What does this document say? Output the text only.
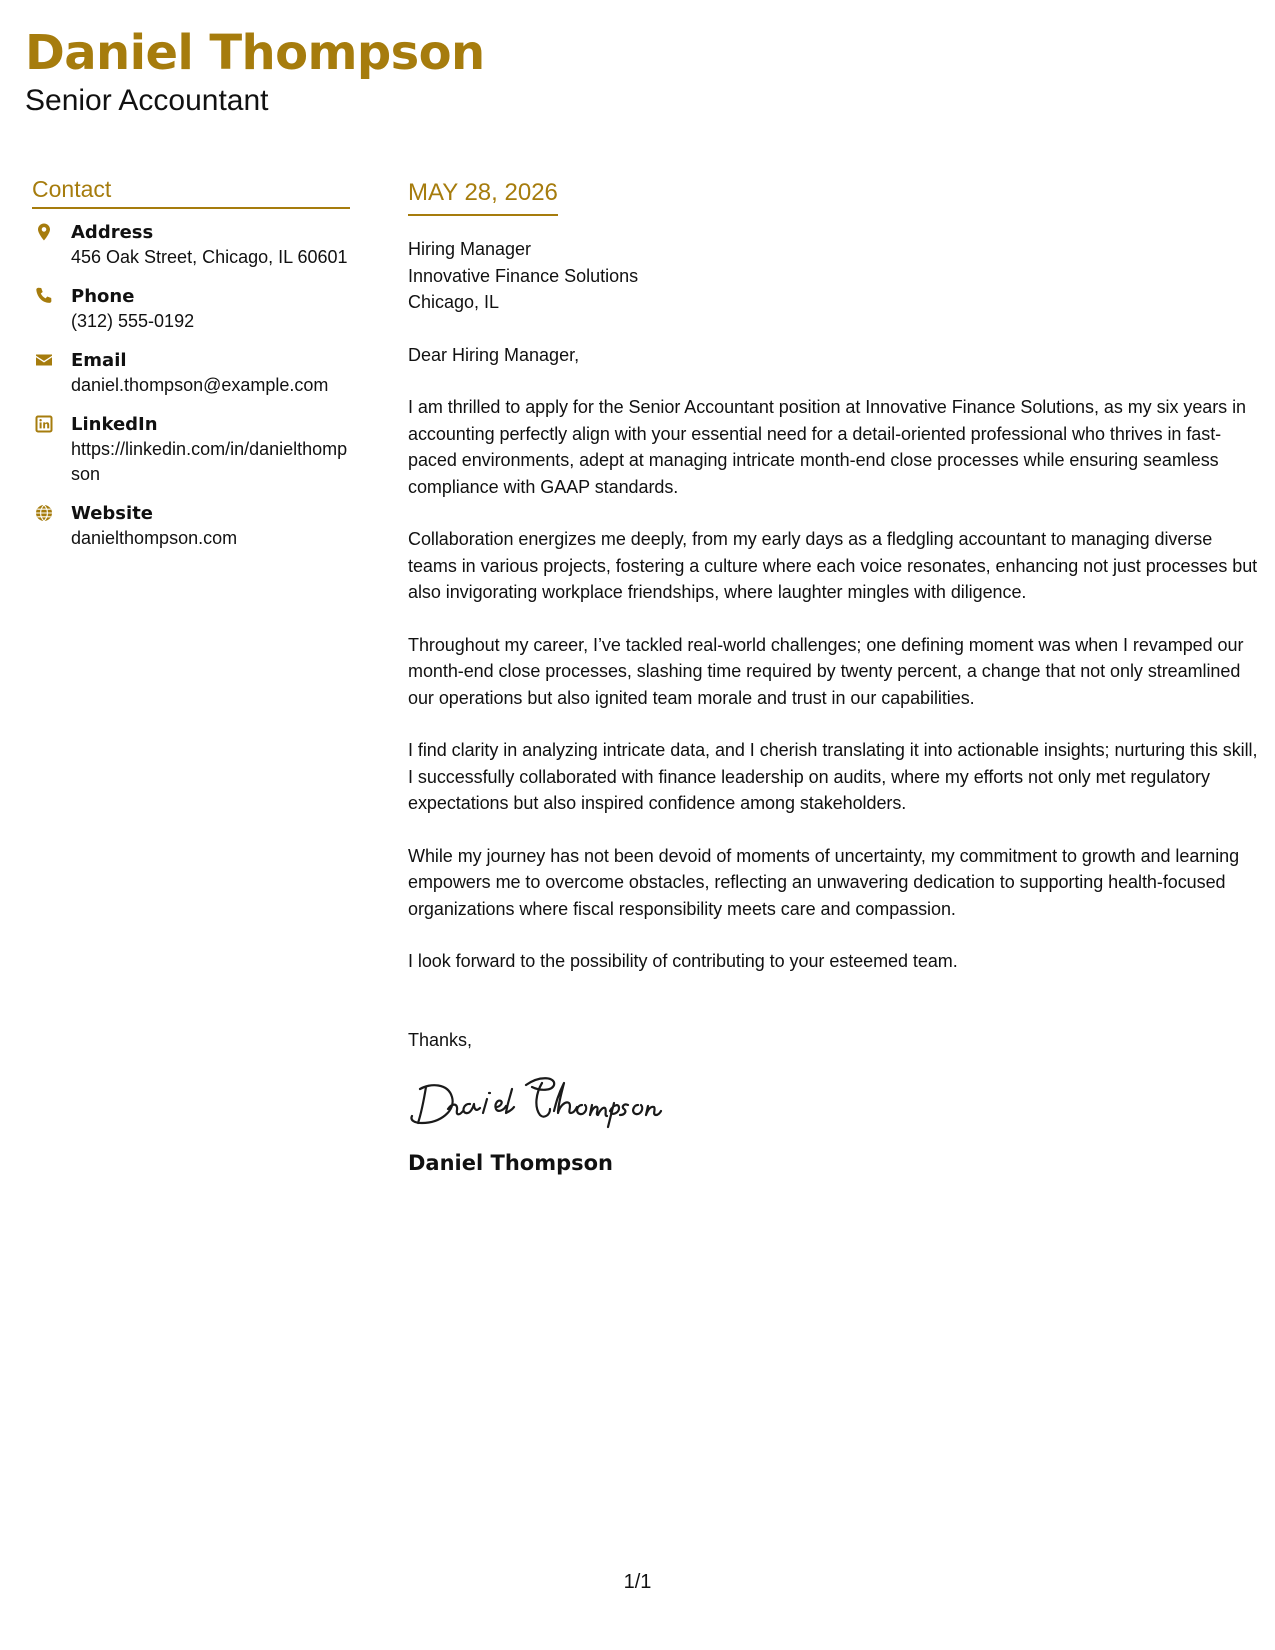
Daniel Thompson
Senior Accountant
Contact
Address
456 Oak Street, Chicago, IL 60601
Phone
(312) 555-0192
Email
daniel.thompson@example.com
LinkedIn
https://linkedin.com/in/danielthompson
Website
danielthompson.com
MAY 28, 2026
Hiring Manager
Innovative Finance Solutions
Chicago, IL
Dear Hiring Manager,

I am thrilled to apply for the Senior Accountant position at Innovative Finance Solutions, as my six years in accounting perfectly align with your essential need for a detail-oriented professional who thrives in fast-paced environments, adept at managing intricate month-end close processes while ensuring seamless compliance with GAAP standards.

Collaboration energizes me deeply, from my early days as a fledgling accountant to managing diverse teams in various projects, fostering a culture where each voice resonates, enhancing not just processes but also invigorating workplace friendships, where laughter mingles with diligence.

Throughout my career, I’ve tackled real-world challenges; one defining moment was when I revamped our month-end close processes, slashing time required by twenty percent, a change that not only streamlined our operations but also ignited team morale and trust in our capabilities.

I find clarity in analyzing intricate data, and I cherish translating it into actionable insights; nurturing this skill, I successfully collaborated with finance leadership on audits, where my efforts not only met regulatory expectations but also inspired confidence among stakeholders.

While my journey has not been devoid of moments of uncertainty, my commitment to growth and learning empowers me to overcome obstacles, reflecting an unwavering dedication to supporting health-focused organizations where fiscal responsibility meets care and compassion.

I look forward to the possibility of contributing to your esteemed team.

Thanks,
Daniel Thompson
1/1
